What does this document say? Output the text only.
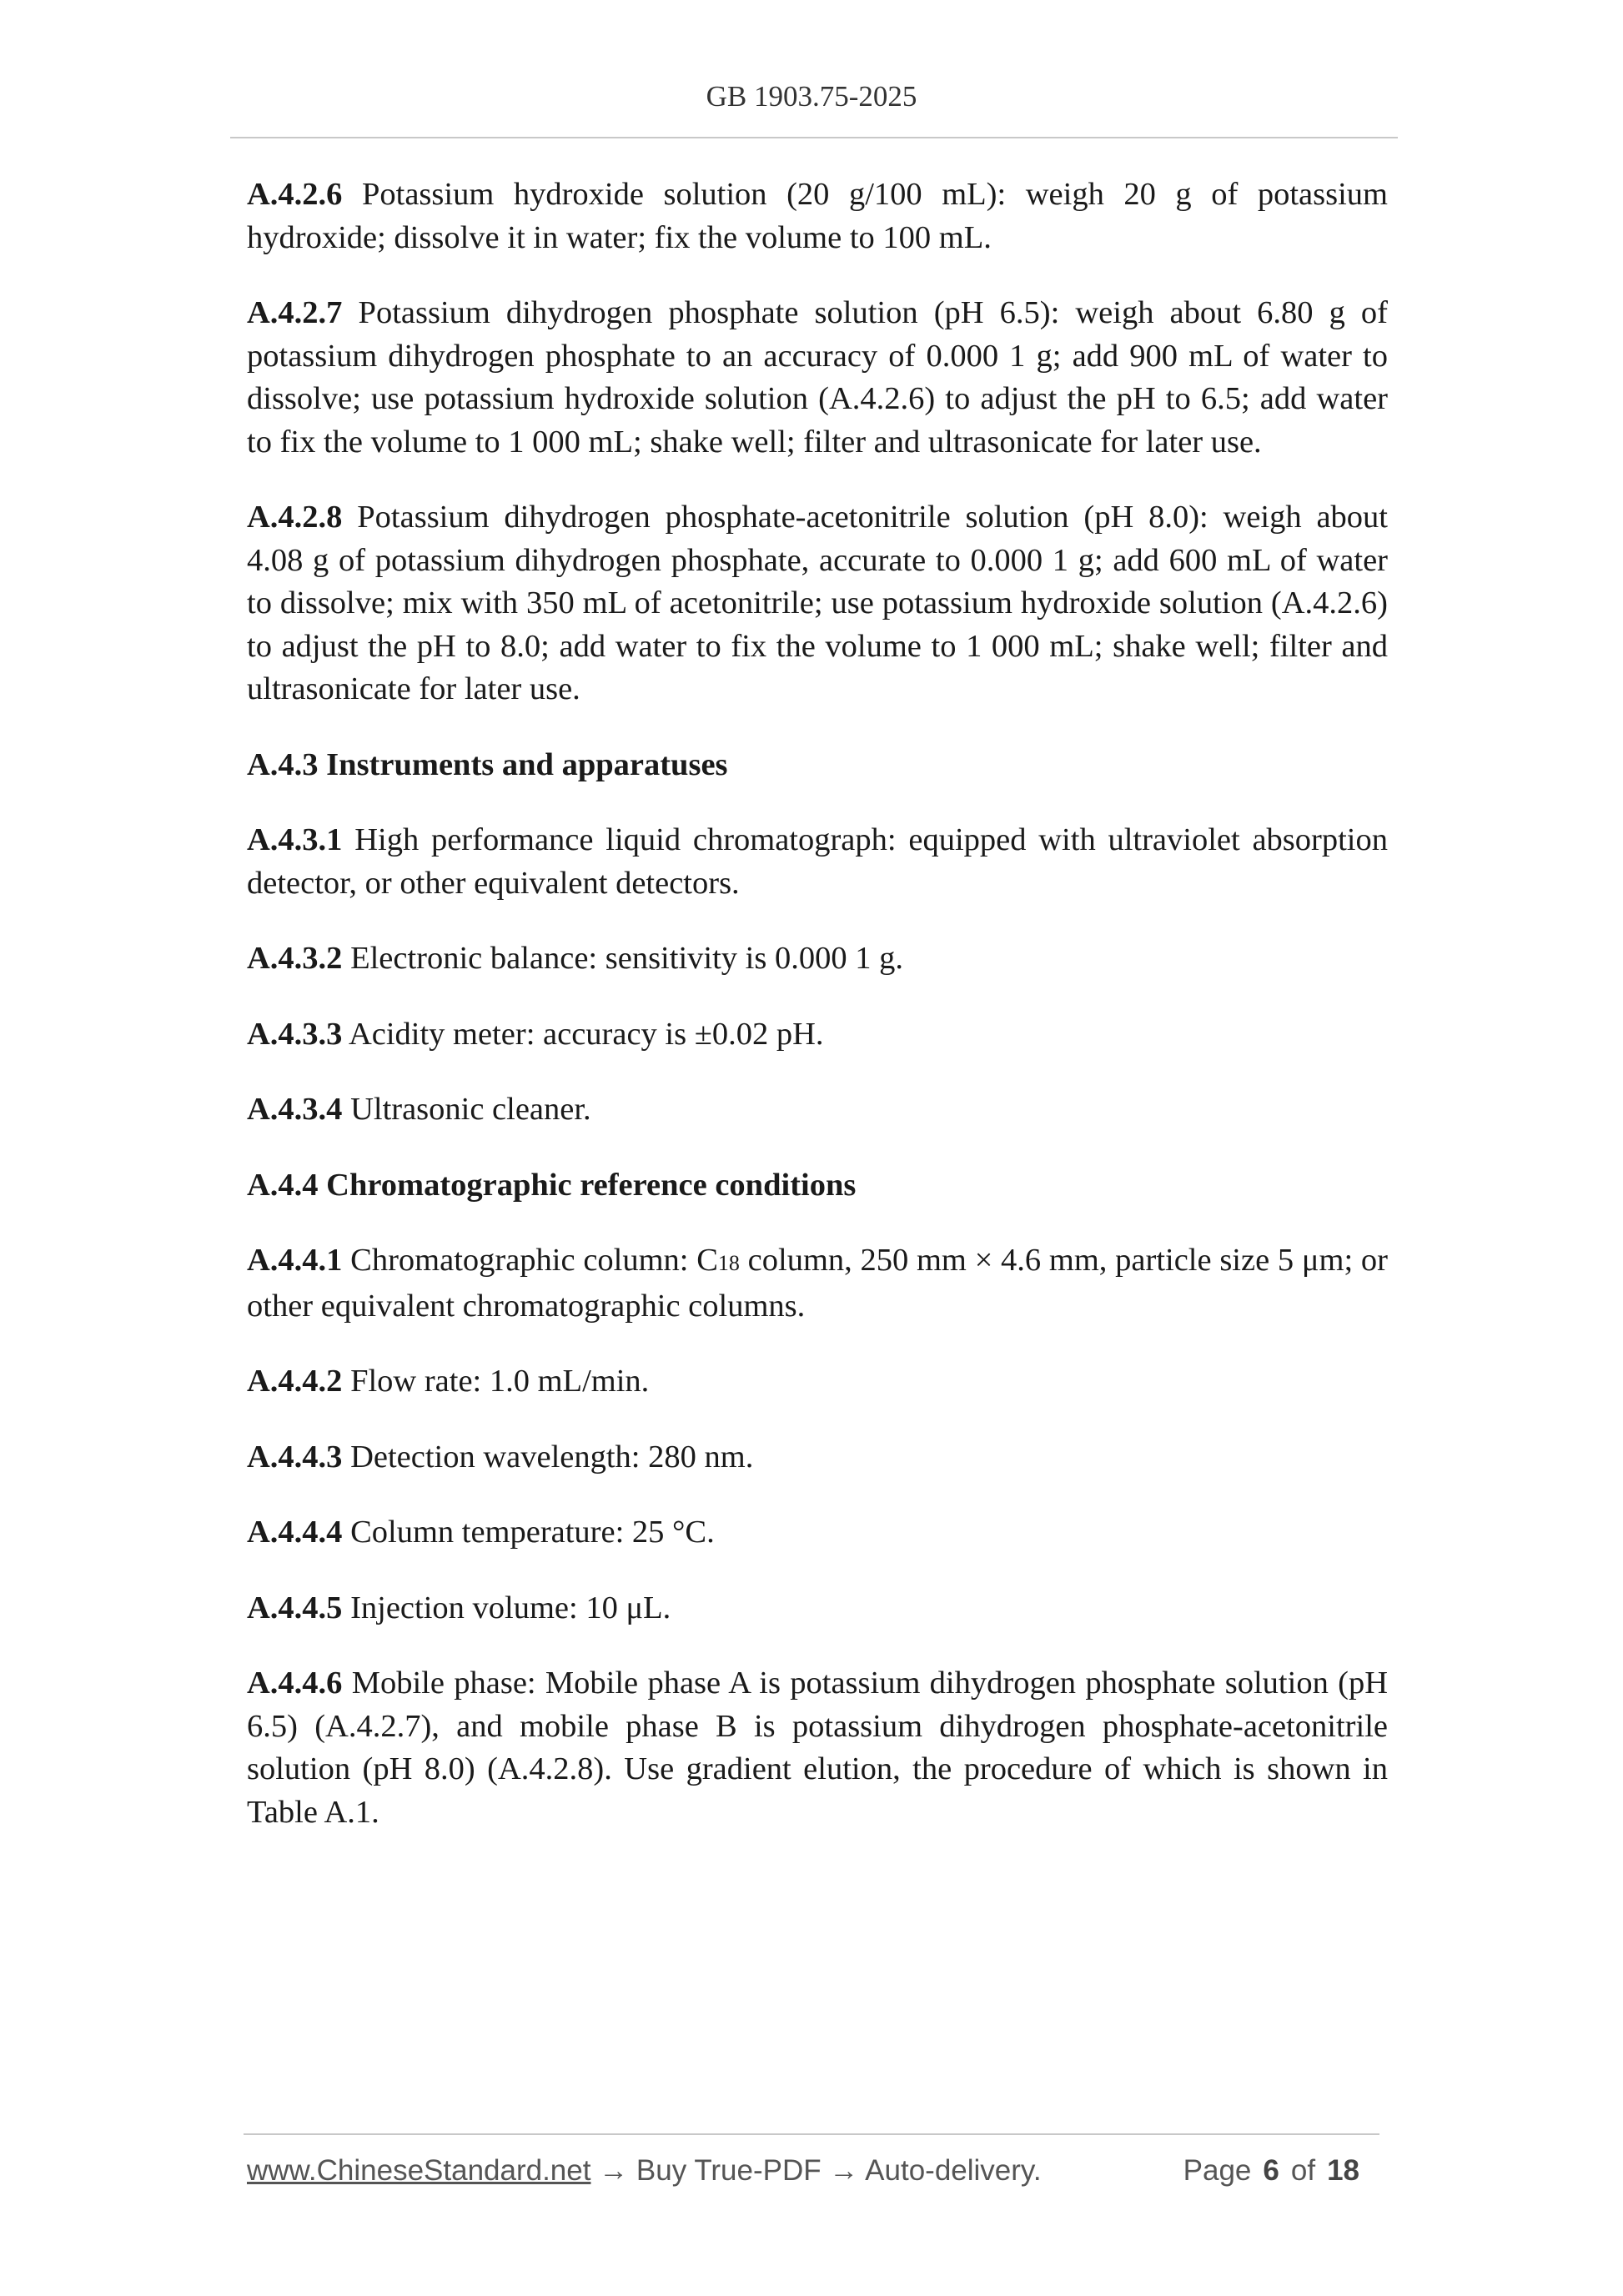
GB 1903.75-2025

A.4.2.6 Potassium hydroxide solution (20 g/100 mL): weigh 20 g of potassium hydroxide; dissolve it in water; fix the volume to 100 mL.

A.4.2.7 Potassium dihydrogen phosphate solution (pH 6.5): weigh about 6.80 g of potassium dihydrogen phosphate to an accuracy of 0.000 1 g; add 900 mL of water to dissolve; use potassium hydroxide solution (A.4.2.6) to adjust the pH to 6.5; add water to fix the volume to 1 000 mL; shake well; filter and ultrasonicate for later use.

A.4.2.8 Potassium dihydrogen phosphate-acetonitrile solution (pH 8.0): weigh about 4.08 g of potassium dihydrogen phosphate, accurate to 0.000 1 g; add 600 mL of water to dissolve; mix with 350 mL of acetonitrile; use potassium hydroxide solution (A.4.2.6) to adjust the pH to 8.0; add water to fix the volume to 1 000 mL; shake well; filter and ultrasonicate for later use.

A.4.3 Instruments and apparatuses

A.4.3.1 High performance liquid chromatograph: equipped with ultraviolet absorption detector, or other equivalent detectors.

A.4.3.2 Electronic balance: sensitivity is 0.000 1 g.

A.4.3.3 Acidity meter: accuracy is ±0.02 pH.

A.4.3.4 Ultrasonic cleaner.

A.4.4 Chromatographic reference conditions

A.4.4.1 Chromatographic column: C18 column, 250 mm × 4.6 mm, particle size 5 μm; or other equivalent chromatographic columns.

A.4.4.2 Flow rate: 1.0 mL/min.

A.4.4.3 Detection wavelength: 280 nm.

A.4.4.4 Column temperature: 25 °C.

A.4.4.5 Injection volume: 10 μL.

A.4.4.6 Mobile phase: Mobile phase A is potassium dihydrogen phosphate solution (pH 6.5) (A.4.2.7), and mobile phase B is potassium dihydrogen phosphate-acetonitrile solution (pH 8.0) (A.4.2.8). Use gradient elution, the procedure of which is shown in Table A.1.

www.ChineseStandard.net → Buy True-PDF → Auto-delivery.	Page 6 of 18
